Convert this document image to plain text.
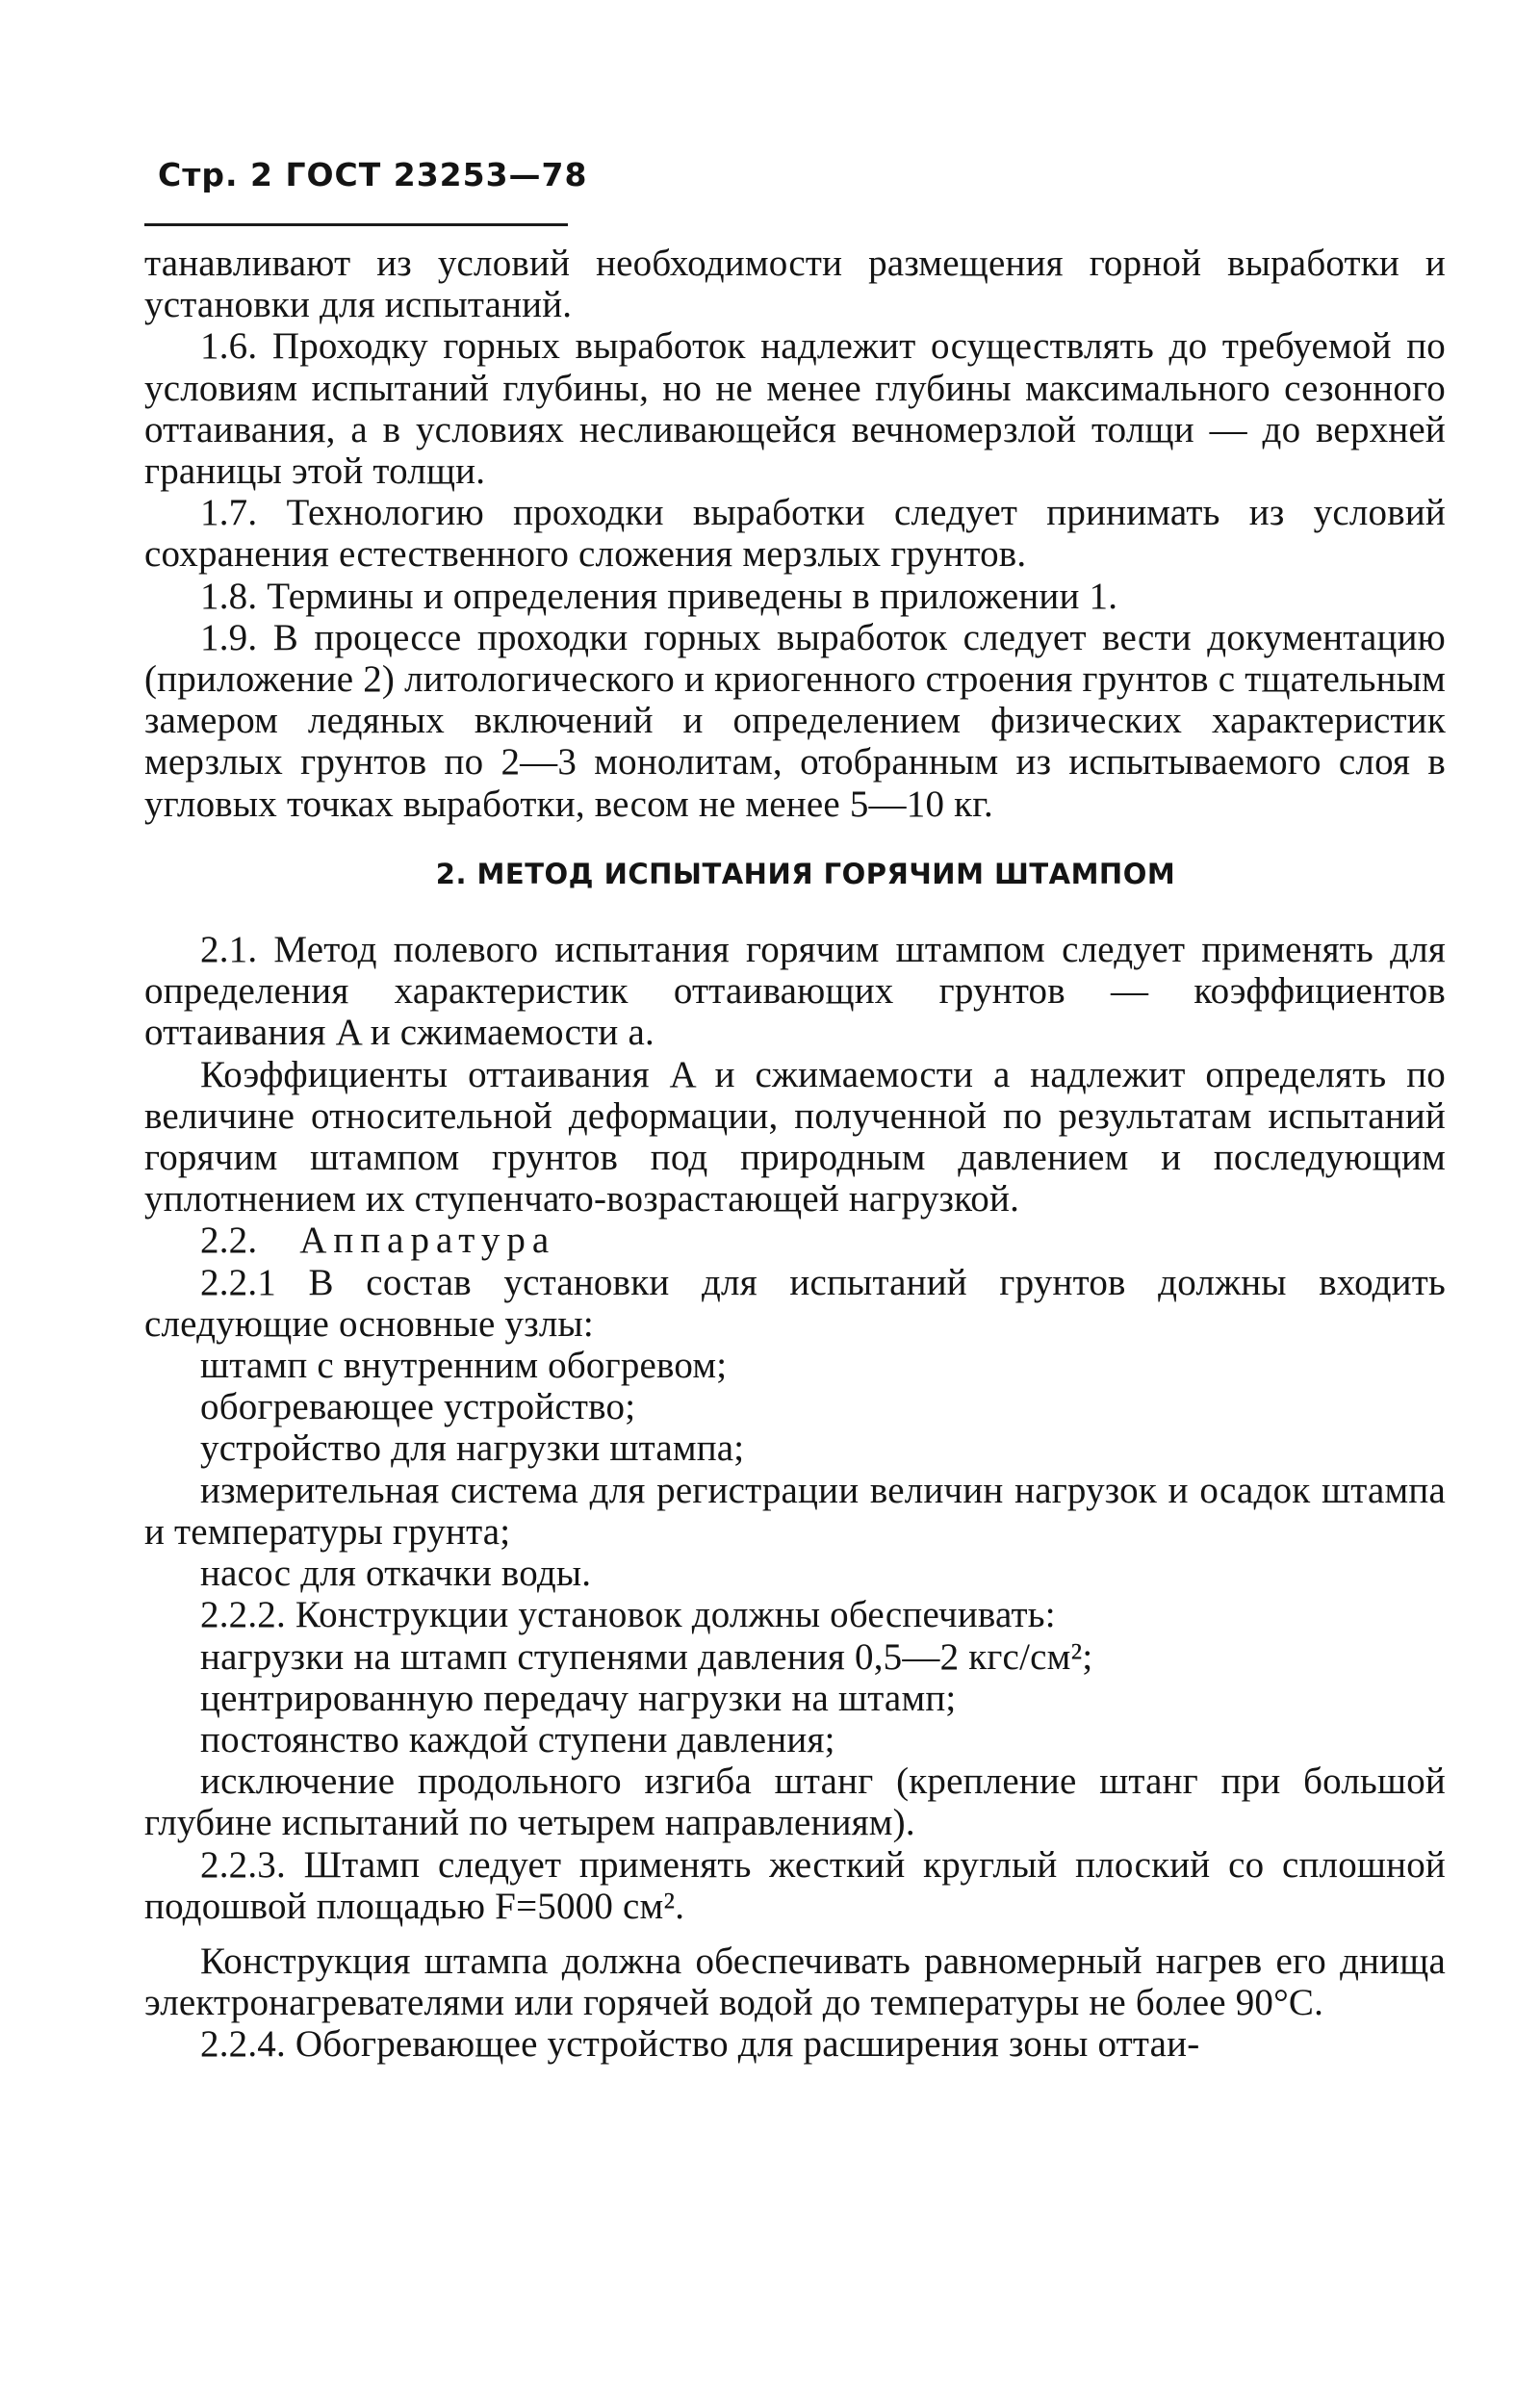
Стр. 2 ГОСТ 23253—78

танавливают из условий необходимости размещения горной выработки и установки для испытаний.

1.6. Проходку горных выработок надлежит осуществлять до требуемой по условиям испытаний глубины, но не менее глубины максимального сезонного оттаивания, а в условиях несливающейся вечномерзлой толщи — до верхней границы этой толщи.

1.7. Технологию проходки выработки следует принимать из условий сохранения естественного сложения мерзлых грунтов.

1.8. Термины и определения приведены в приложении 1.

1.9. В процессе проходки горных выработок следует вести документацию (приложение 2) литологического и криогенного строения грунтов с тщательным замером ледяных включений и определением физических характеристик мерзлых грунтов по 2—3 монолитам, отобранным из испытываемого слоя в угловых точках выработки, весом не менее 5—10 кг.

2. МЕТОД ИСПЫТАНИЯ ГОРЯЧИМ ШТАМПОМ

2.1. Метод полевого испытания горячим штампом следует применять для определения характеристик оттаивающих грунтов — коэффициентов оттаивания A и сжимаемости a.

Коэффициенты оттаивания A и сжимаемости a надлежит определять по величине относительной деформации, полученной по результатам испытаний горячим штампом грунтов под природным давлением и последующим уплотнением их ступенчато-возрастающей нагрузкой.

2.2. Аппаратура

2.2.1 В состав установки для испытаний грунтов должны входить следующие основные узлы:

штамп с внутренним обогревом;

обогревающее устройство;

устройство для нагрузки штампа;

измерительная система для регистрации величин нагрузок и осадок штампа и температуры грунта;

насос для откачки воды.

2.2.2. Конструкции установок должны обеспечивать:

нагрузки на штамп ступенями давления 0,5—2 кгс/см²;

центрированную передачу нагрузки на штамп;

постоянство каждой ступени давления;

исключение продольного изгиба штанг (крепление штанг при большой глубине испытаний по четырем направлениям).

2.2.3. Штамп следует применять жесткий круглый плоский со сплошной подошвой площадью F=5000 см².

Конструкция штампа должна обеспечивать равномерный нагрев его днища электронагревателями или горячей водой до температуры не более 90°С.

2.2.4. Обогревающее устройство для расширения зоны оттаи-
